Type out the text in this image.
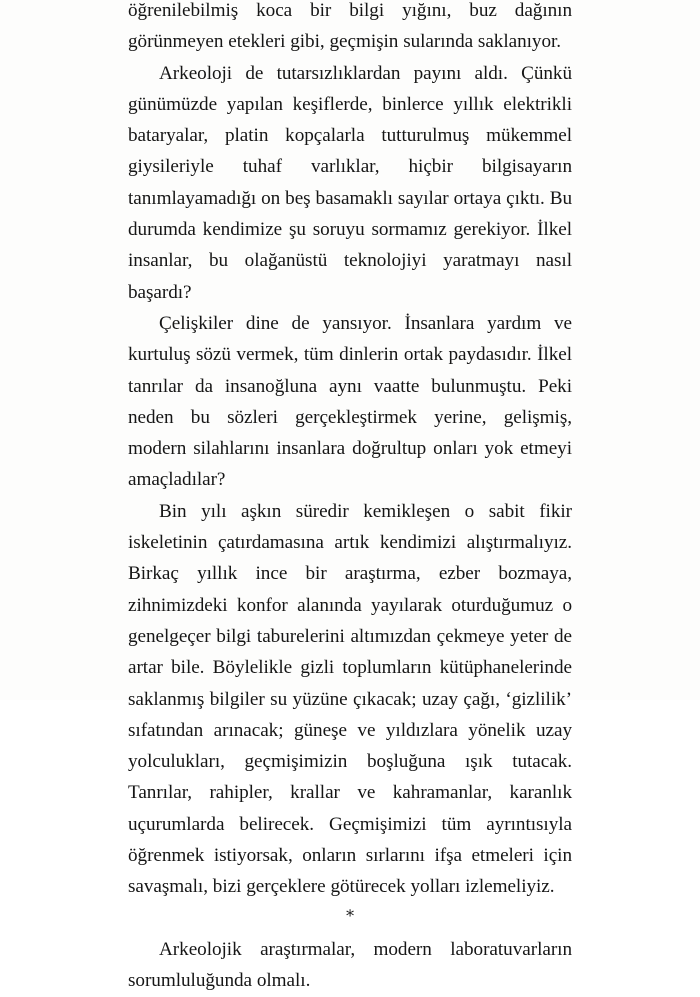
öğrenilebilmiş koca bir bilgi yığını, buz dağının görünmeyen etekleri gibi, geçmişin sularında saklanıyor.

Arkeoloji de tutarsızlıklardan payını aldı. Çünkü günümüzde yapılan keşiflerde, binlerce yıllık elektrikli bataryalar, platin kopçalarla tutturulmuş mükemmel giysileriyle tuhaf varlıklar, hiçbir bilgisayarın tanımlayamadığı on beş basamaklı sayılar ortaya çıktı. Bu durumda kendimize şu soruyu sormamız gerekiyor. İlkel insanlar, bu olağanüstü teknolojiyi yaratmayı nasıl başardı?

Çelişkiler dine de yansıyor. İnsanlara yardım ve kurtuluş sözü vermek, tüm dinlerin ortak paydasıdır. İlkel tanrılar da insanoğluna aynı vaatte bulunmuştu. Peki neden bu sözleri gerçekleştirmek yerine, gelişmiş, modern silahlarını insanlara doğrultup onları yok etmeyi amaçladılar?

Bin yılı aşkın süredir kemikleşen o sabit fikir iskeletinin çatırdamasına artık kendimizi alıştırmalıyız. Birkaç yıllık ince bir araştırma, ezber bozmaya, zihnimizdeki konfor alanında yayılarak oturduğumuz o genelgeçer bilgi taburelerini altımızdan çekmeye yeter de artar bile. Böylelikle gizli toplumların kütüphanelerinde saklanmış bilgiler su yüzüne çıkacak; uzay çağı, ‘gizlilik’ sıfatından arınacak; güneşe ve yıldızlara yönelik uzay yolculukları, geçmişimizin boşluğuna ışık tutacak. Tanrılar, rahipler, krallar ve kahramanlar, karanlık uçurumlarda belirecek. Geçmişimizi tüm ayrıntısıyla öğrenmek istiyorsak, onların sırlarını ifşa etmeleri için savaşmalı, bizi gerçeklere götürecek yolları izlemeliyiz.

∗

Arkeolojik araştırmalar, modern laboratuvarların sorumluluğunda olmalı.
